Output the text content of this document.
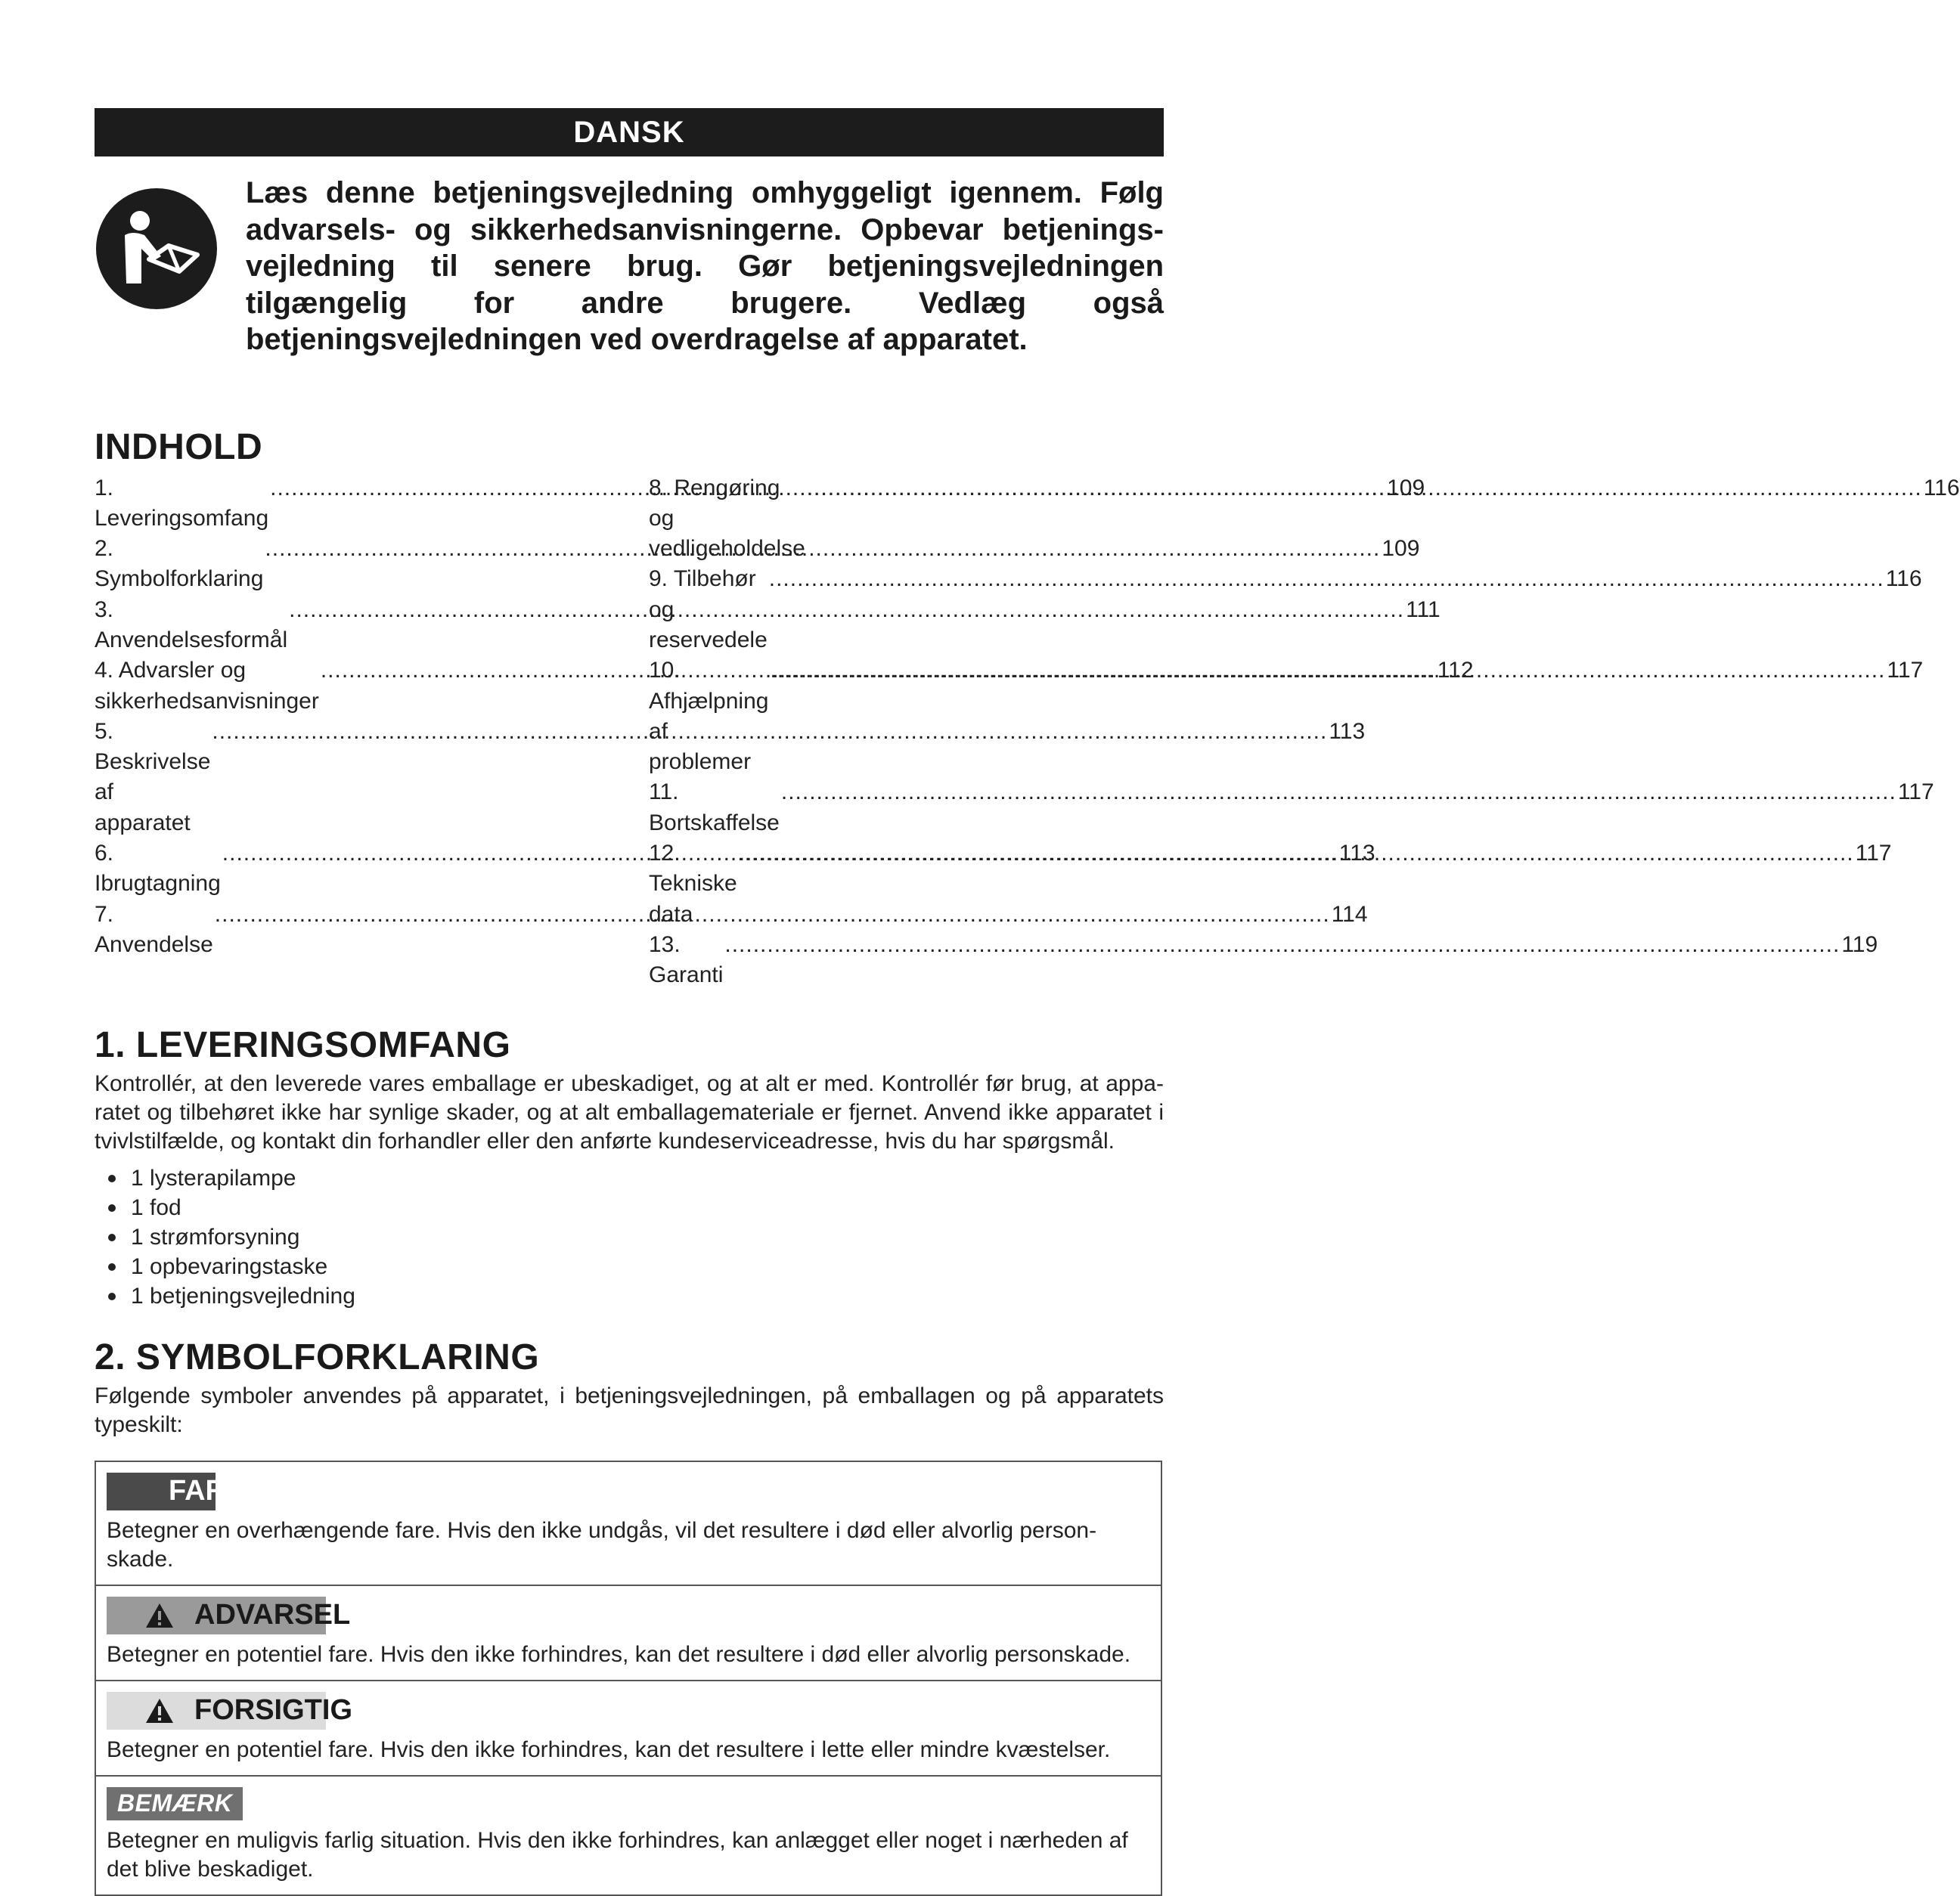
DANSK
Læs denne betjeningsvejledning omhyggeligt igennem. Følg advarsels- og sikkerhedsanvisningerne. Opbevar betjeningsvejledning til senere brug. Gør betjeningsvejledningen tilgængelig for andre brugere. Vedlæg også betjeningsvejledningen ved overdragelse af apparatet.
INDHOLD
1. Leveringsomfang
.....
109
2. Symbolforklaring
.....
109
3. Anvendelsesformål
.....
111
4. Advarsler og sikkerhedsanvisninger
.....
112
5. Beskrivelse af apparatet
.....
113
6. Ibrugtagning
.....
113
7. Anvendelse
.....
114
8. Rengøring og vedligeholdelse
.....
116
9. Tilbehør og reservedele
.....
116
10. Afhjælpning af problemer
.....
117
11. Bortskaffelse
.....
117
12. Tekniske data
.....
117
13. Garanti
.....
119
1. LEVERINGSOMFANG

Kontrollér, at den leverede vares emballage er ubeskadiget, og at alt er med. Kontrollér før brug, at apparatet og tilbehøret ikke har synlige skader, og at alt emballagemateriale er fjernet. Anvend ikke apparatet i tvivlstilfælde, og kontakt din forhandler eller den anførte kundeserviceadresse, hvis du har spørgsmål.

1 lysterapilampe
1 fod
1 strømforsyning
1 opbevaringstaske
1 betjeningsvejledning
2. SYMBOLFORKLARING

Følgende symboler anvendes på apparatet, i betjeningsvejledningen, på emballagen og på apparatets typeskilt:

FARE
Betegner en overhængende fare. Hvis den ikke undgås, vil det resultere i død eller alvorlig personskade.
ADVARSEL
Betegner en potentiel fare. Hvis den ikke forhindres, kan det resultere i død eller alvorlig personskade.
FORSIGTIG
Betegner en potentiel fare. Hvis den ikke forhindres, kan det resultere i lette eller mindre kvæstelser.
BEMÆRK
Betegner en muligvis farlig situation. Hvis den ikke forhindres, kan anlægget eller noget i nærheden af det blive beskadiget.
